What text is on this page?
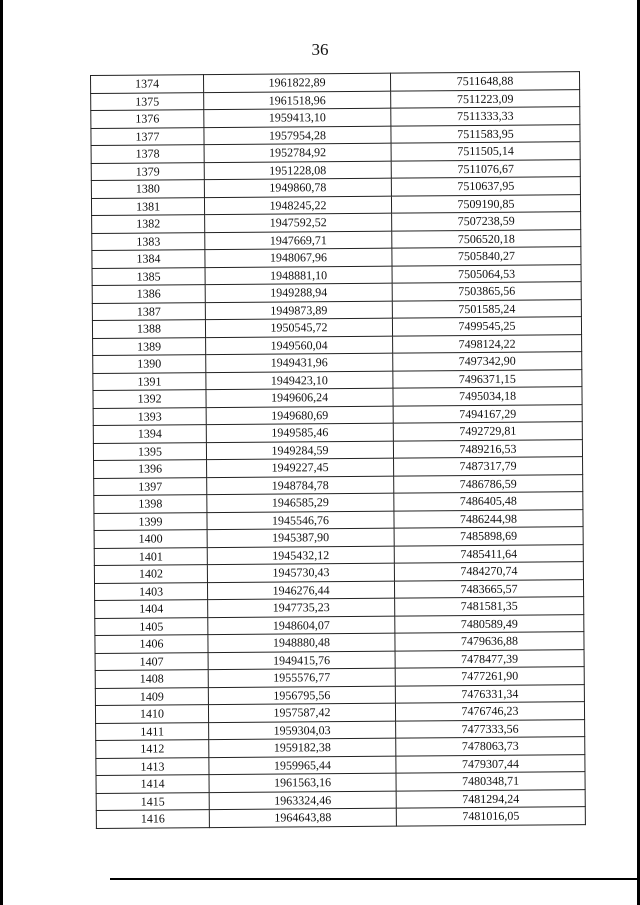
36
1374	1961822,89	7511648,88
1375	1961518,96	7511223,09
1376	1959413,10	7511333,33
1377	1957954,28	7511583,95
1378	1952784,92	7511505,14
1379	1951228,08	7511076,67
1380	1949860,78	7510637,95
1381	1948245,22	7509190,85
1382	1947592,52	7507238,59
1383	1947669,71	7506520,18
1384	1948067,96	7505840,27
1385	1948881,10	7505064,53
1386	1949288,94	7503865,56
1387	1949873,89	7501585,24
1388	1950545,72	7499545,25
1389	1949560,04	7498124,22
1390	1949431,96	7497342,90
1391	1949423,10	7496371,15
1392	1949606,24	7495034,18
1393	1949680,69	7494167,29
1394	1949585,46	7492729,81
1395	1949284,59	7489216,53
1396	1949227,45	7487317,79
1397	1948784,78	7486786,59
1398	1946585,29	7486405,48
1399	1945546,76	7486244,98
1400	1945387,90	7485898,69
1401	1945432,12	7485411,64
1402	1945730,43	7484270,74
1403	1946276,44	7483665,57
1404	1947735,23	7481581,35
1405	1948604,07	7480589,49
1406	1948880,48	7479636,88
1407	1949415,76	7478477,39
1408	1955576,77	7477261,90
1409	1956795,56	7476331,34
1410	1957587,42	7476746,23
1411	1959304,03	7477333,56
1412	1959182,38	7478063,73
1413	1959965,44	7479307,44
1414	1961563,16	7480348,71
1415	1963324,46	7481294,24
1416	1964643,88	7481016,05
